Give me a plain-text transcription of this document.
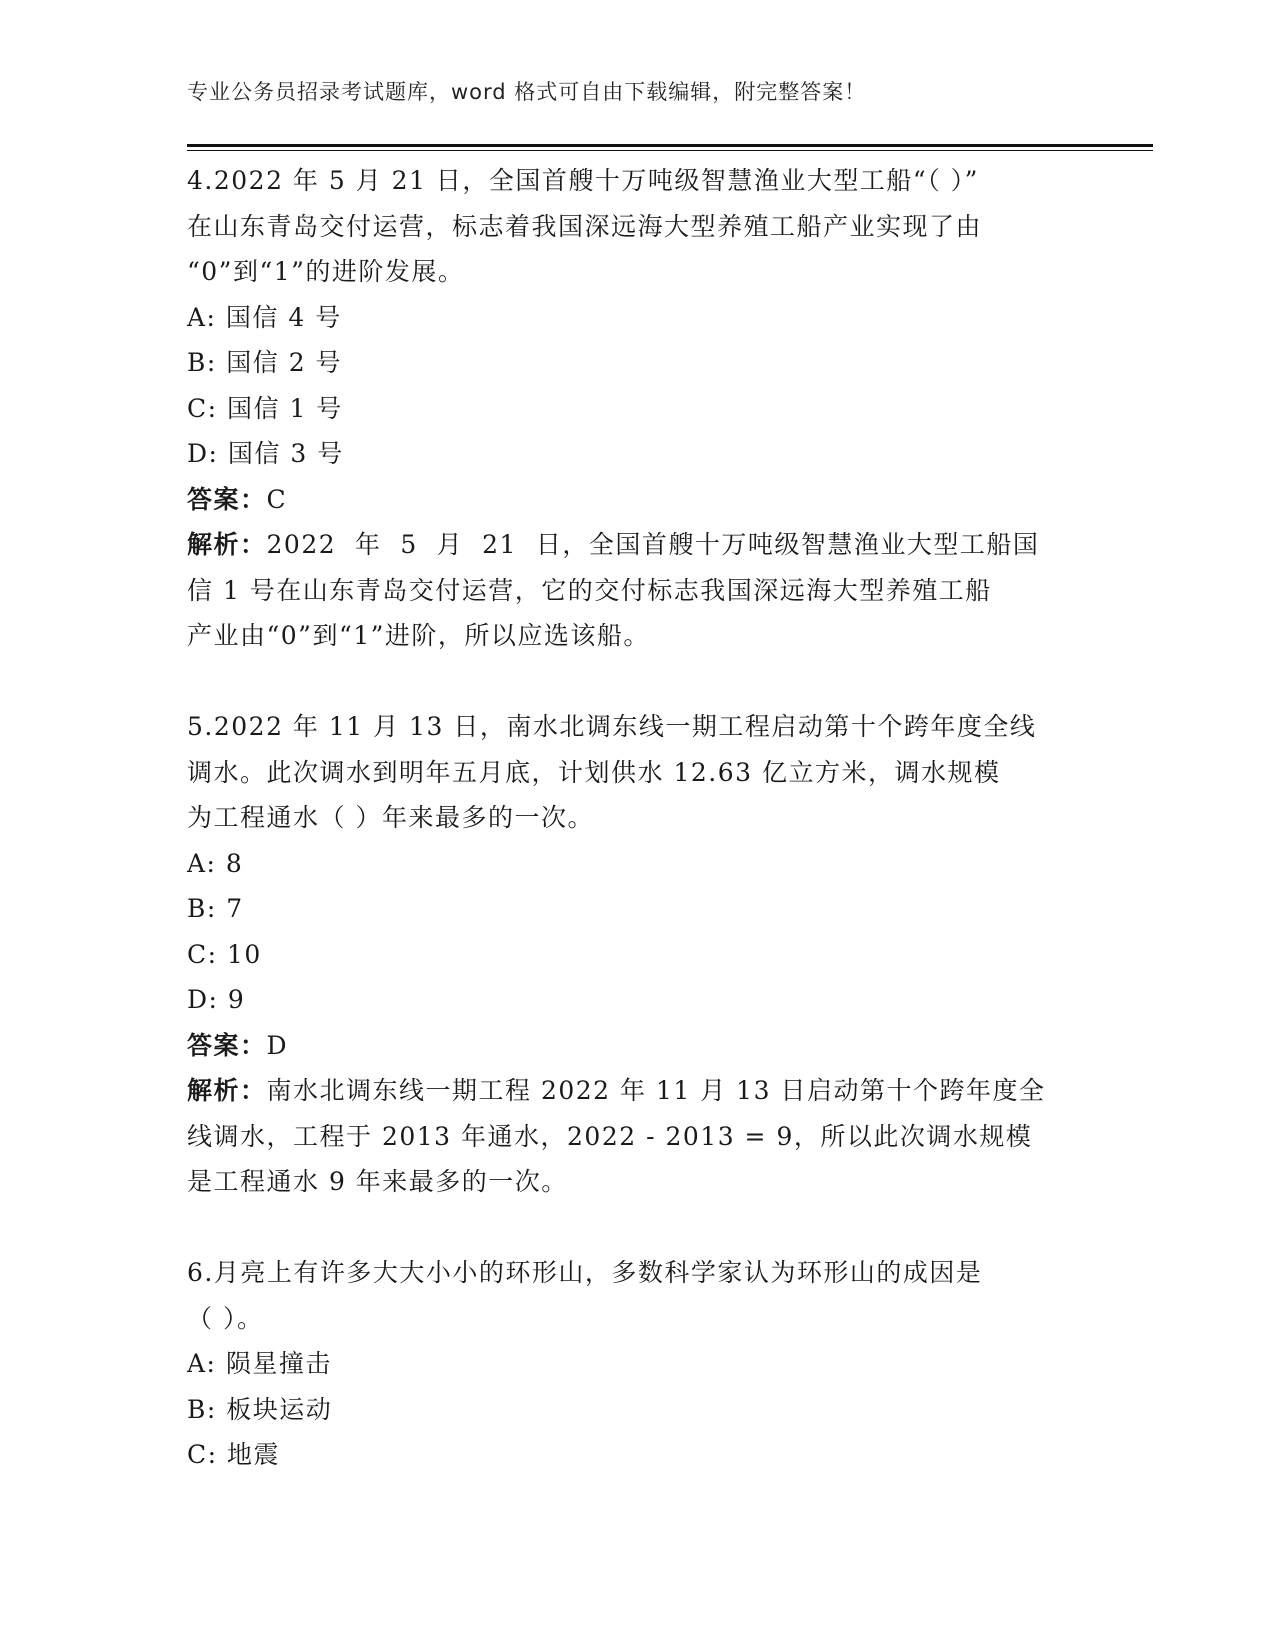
专业公务员招录考试题库，word 格式可自由下载编辑，附完整答案！
4.2022 年 5 月 21 日，全国首艘十万吨级智慧渔业大型工船“（ ）”
在山东青岛交付运营，标志着我国深远海大型养殖工船产业实现了由
“0”到“1”的进阶发展。
A: 国信 4 号
B: 国信 2 号
C: 国信 1 号
D: 国信 3 号
答案：C
解析：2022  年  5  月  21  日，全国首艘十万吨级智慧渔业大型工船国
信 1 号在山东青岛交付运营，它的交付标志我国深远海大型养殖工船
产业由“0”到“1”进阶，所以应选该船。
5.2022 年 11 月 13 日，南水北调东线一期工程启动第十个跨年度全线
调水。此次调水到明年五月底，计划供水 12.63 亿立方米，调水规模
为工程通水（ ）年来最多的一次。
A: 8
B: 7
C: 10
D: 9
答案：D
解析：南水北调东线一期工程 2022 年 11 月 13 日启动第十个跨年度全
线调水，工程于 2013 年通水，2022 - 2013 = 9，所以此次调水规模
是工程通水 9 年来最多的一次。
6.月亮上有许多大大小小的环形山，多数科学家认为环形山的成因是
（ ）。
A: 陨星撞击
B: 板块运动
C: 地震
